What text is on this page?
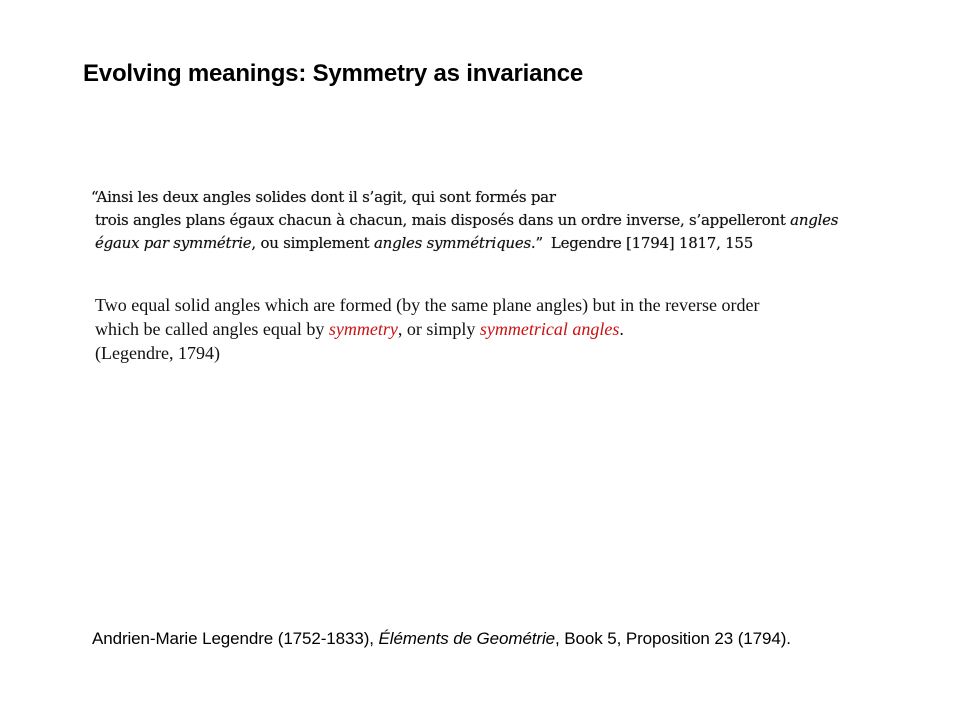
Evolving meanings: Symmetry as invariance
“Ainsi les deux angles solides dont il s’agit, qui sont formés par
trois angles plans égaux chacun à chacun, mais disposés dans un ordre inverse, s’appelleront angles
égaux par symmétrie, ou simplement angles symmétriques.” Legendre [1794] 1817, 155
Two equal solid angles which are formed (by the same plane angles) but in the reverse order
which be called angles equal by symmetry, or simply symmetrical angles.
(Legendre, 1794)
Andrien-Marie Legendre (1752-1833), Éléments de Geométrie, Book 5, Proposition 23 (1794).
